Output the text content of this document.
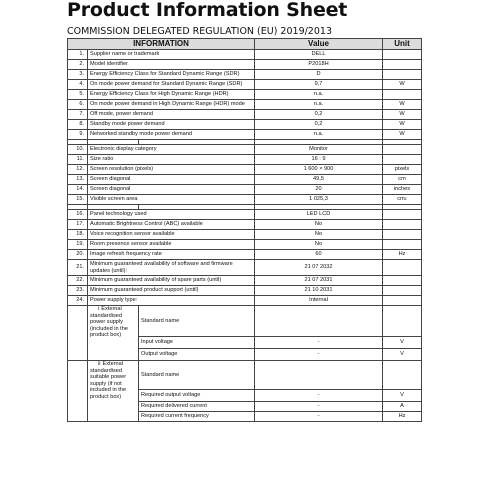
Product Information Sheet
COMMISSION DELEGATED REGULATION (EU) 2019/2013
INFORMATION			Value	Unit
1.	Supplier name or trademark		DELL	
2.	Model identifier		P2018H	
3.	Energy Efficiency Class for Standard Dynamic Range (SDR)		D	
4.	On mode power demand for Standard Dynamic Range (SDR)		9,7	W
5.	Energy Efficiency Class for High Dynamic Range (HDR)		n.a.	
6.	On mode power demand in High Dynamic Range (HDR) mode		n.a.	W
7.	Off mode, power demand		0,2	W
8.	Standby mode power demand		0,2	W
9.	Networked standby mode power demand		n.a.	W

10.	Electronic display category		Monitor	
11.	Size ratio		16 : 9	
12.	Screen resolution (pixels)		1 600 × 900	pixels
13.	Screen diagonal		49,5	cm
14.	Screen diagonal		20	inches
15.	Visible screen area		1 025,3	$cm^2$

16.	Panel technology used		LED LCD	
17.	Automatic Brightness Control (ABC) available		No	
18.	Voice recognition sensor available		No	
19.	Room presence sensor available		No	
20.	Image refresh frequency rate		60	Hz
21.	Minimum guaranteed availability of software and firmware updates (until):		21 07 2032	
22.	Minimum guaranteed availability of spare parts (until)		21 07 2031	
23.	Minimum guaranteed product support (until)		21 10 2031	
24.	Power supply type:		Internal	
	i External standardised power supply (included in the product box)	Standard name		
		Input voltage	-	V
		Output voltage	-	V
	ii External standardised suitable power supply (if not included in the product box)	Standard name		
		Required output voltage	-	V
		Required delivered current	-	A
		Required current frequency	-	Hz
